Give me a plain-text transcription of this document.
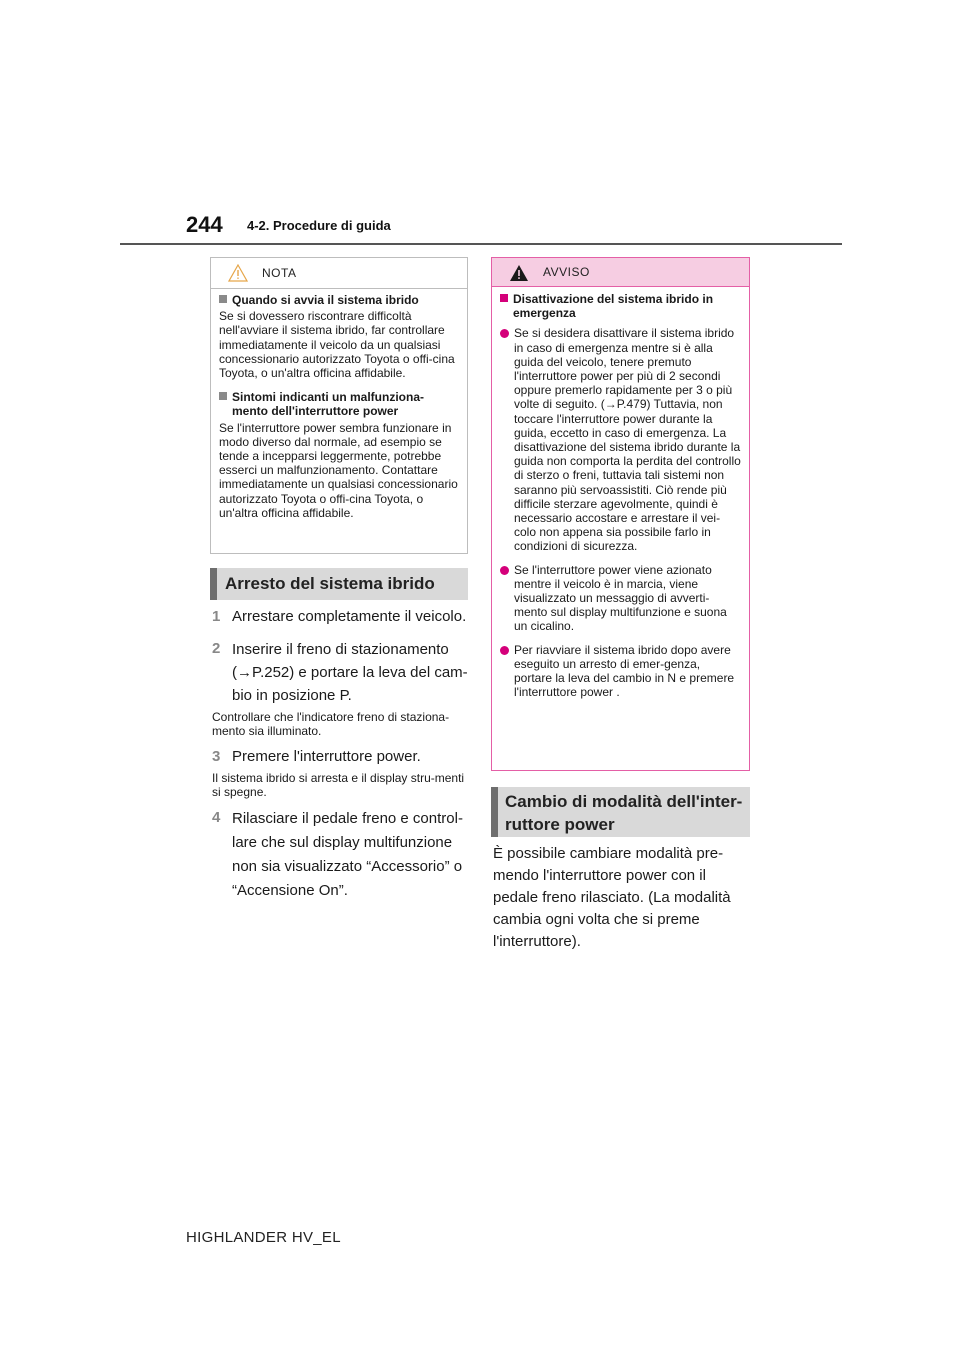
244 4-2. Procedure di guida
NOTA
Quando si avvia il sistema ibrido
Se si dovessero riscontrare difficoltà nell'avviare il sistema ibrido, far controllare immediatamente il veicolo da un qualsiasi concessionario autorizzato Toyota o offi-cina Toyota, o un'altra officina affidabile.
Sintomi indicanti un malfunziona-
mento dell'interruttore power
Se l'interruttore power sembra funzionare in modo diverso dal normale, ad esempio se tende a incepparsi leggermente, potrebbe esserci un malfunzionamento. Contattare immediatamente un qualsiasi concessionario autorizzato Toyota o offi-cina Toyota, o un'altra officina affidabile.
Arresto del sistema ibrido
1 Arrestare completamente il veicolo.
2 Inserire il freno di stazionamento (→P.252) e portare la leva del cam-bio in posizione P.
Controllare che l'indicatore freno di staziona-mento sia illuminato.
3 Premere l'interruttore power.
Il sistema ibrido si arresta e il display stru-menti si spegne.
4 Rilasciare il pedale freno e control-lare che sul display multifunzione non sia visualizzato “Accessorio” o “Accensione On”.
AVVISO
Disattivazione del sistema ibrido in
emergenza
Se si desidera disattivare il sistema ibrido in caso di emergenza mentre si è alla guida del veicolo, tenere premuto l'interruttore power per più di 2 secondi oppure premerlo rapidamente per 3 o più volte di seguito. (→P.479) Tuttavia, non toccare l'interruttore power durante la guida, eccetto in caso di emergenza. La disattivazione del sistema ibrido durante la guida non comporta la perdita del controllo di sterzo o freni, tuttavia tali sistemi non saranno più servoassistiti. Ciò rende più difficile sterzare agevolmente, quindi è necessario accostare e arrestare il vei-colo non appena sia possibile farlo in condizioni di sicurezza.
Se l'interruttore power viene azionato mentre il veicolo è in marcia, viene visualizzato un messaggio di avverti-mento sul display multifunzione e suona un cicalino.
Per riavviare il sistema ibrido dopo avere eseguito un arresto di emer-genza, portare la leva del cambio in N e premere l'interruttore power .
Cambio di modalità dell'inter-
ruttore power
È possibile cambiare modalità pre-mendo l'interruttore power con il pedale freno rilasciato. (La modalità cambia ogni volta che si preme l'interruttore).
HIGHLANDER HV_EL
